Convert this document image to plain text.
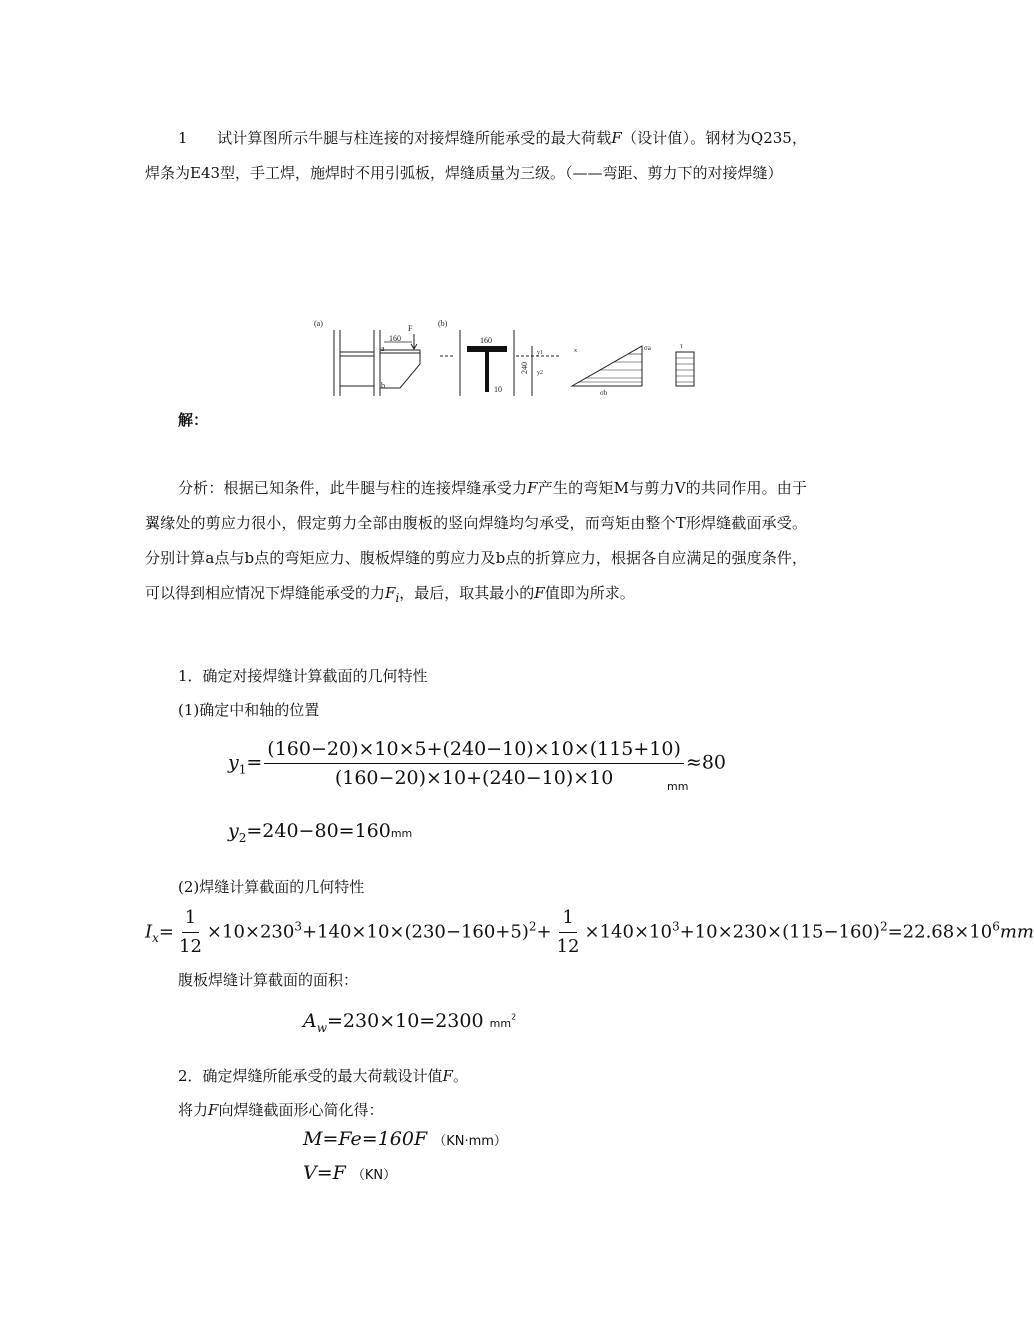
1 试计算图所示牛腿与柱连接的对接焊缝所能承受的最大荷载F（设计值）。钢材为Q235，焊条为E43型，手工焊，施焊时不用引弧板，焊缝质量为三级。（——弯距、剪力下的对接焊缝）
(a)	(b)
F
160
a
b
160
10
240
y1
y2
x	σa
σb
τ
解：
分析：根据已知条件，此牛腿与柱的连接焊缝承受力F产生的弯矩M与剪力V的共同作用。由于翼缘处的剪应力很小，假定剪力全部由腹板的竖向焊缝均匀承受，而弯矩由整个T形焊缝截面承受。分别计算a点与b点的弯矩应力、腹板焊缝的剪应力及b点的折算应力，根据各自应满足的强度条件，可以得到相应情况下焊缝能承受的力$F_i$，最后，取其最小的F值即为所求。
1．确定对接焊缝计算截面的几何特性
(1)确定中和轴的位置
$y_1= \frac{(160-20)\times 10\times 5+(240-10)\times 10\times(115+10)}{(160-20)\times 10+(240-10)\times 10} \approx 80$
mm
$y_2=240-80=160mm$
(2)焊缝计算截面的几何特性
$I_x= \frac{1}{12} \times 10\times 230^3+140\times 10\times(230-160+5)^2+ \frac{1}{12} \times 140\times 10^3+10\times 230\times(115-160)^2=22.68\times 10^6mm$
腹板焊缝计算截面的面积：
$A_w=230\times 10=2300$ $mm^2$
2．确定焊缝所能承受的最大荷载设计值F。
将力F向焊缝截面形心简化得：
M=Fe=160F （KN·mm）
V=F （KN）
